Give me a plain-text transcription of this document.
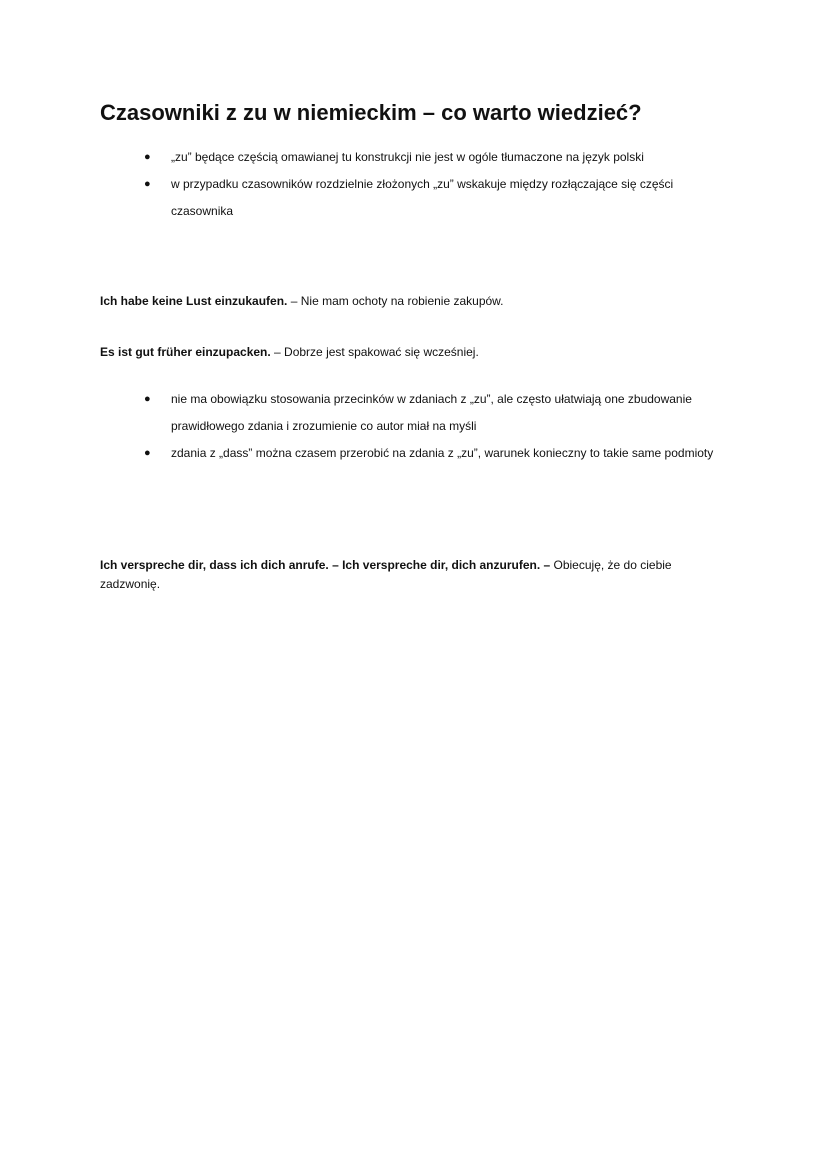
Czasowniki z zu w niemieckim – co warto wiedzieć?
● „zu” będące częścią omawianej tu konstrukcji nie jest w ogóle tłumaczone na język polski
● w przypadku czasowników rozdzielnie złożonych „zu” wskakuje między rozłączające się części czasownika

Ich habe keine Lust einzukaufen. – Nie mam ochoty na robienie zakupów.

Es ist gut früher einzupacken. – Dobrze jest spakować się wcześniej.

● nie ma obowiązku stosowania przecinków w zdaniach z „zu”, ale często ułatwiają one zbudowanie prawidłowego zdania i zrozumienie co autor miał na myśli
● zdania z „dass” można czasem przerobić na zdania z „zu”, warunek konieczny to takie same podmioty

Ich verspreche dir, dass ich dich anrufe. – Ich verspreche dir, dich anzurufen. – Obiecuję, że do ciebie zadzwonię.
